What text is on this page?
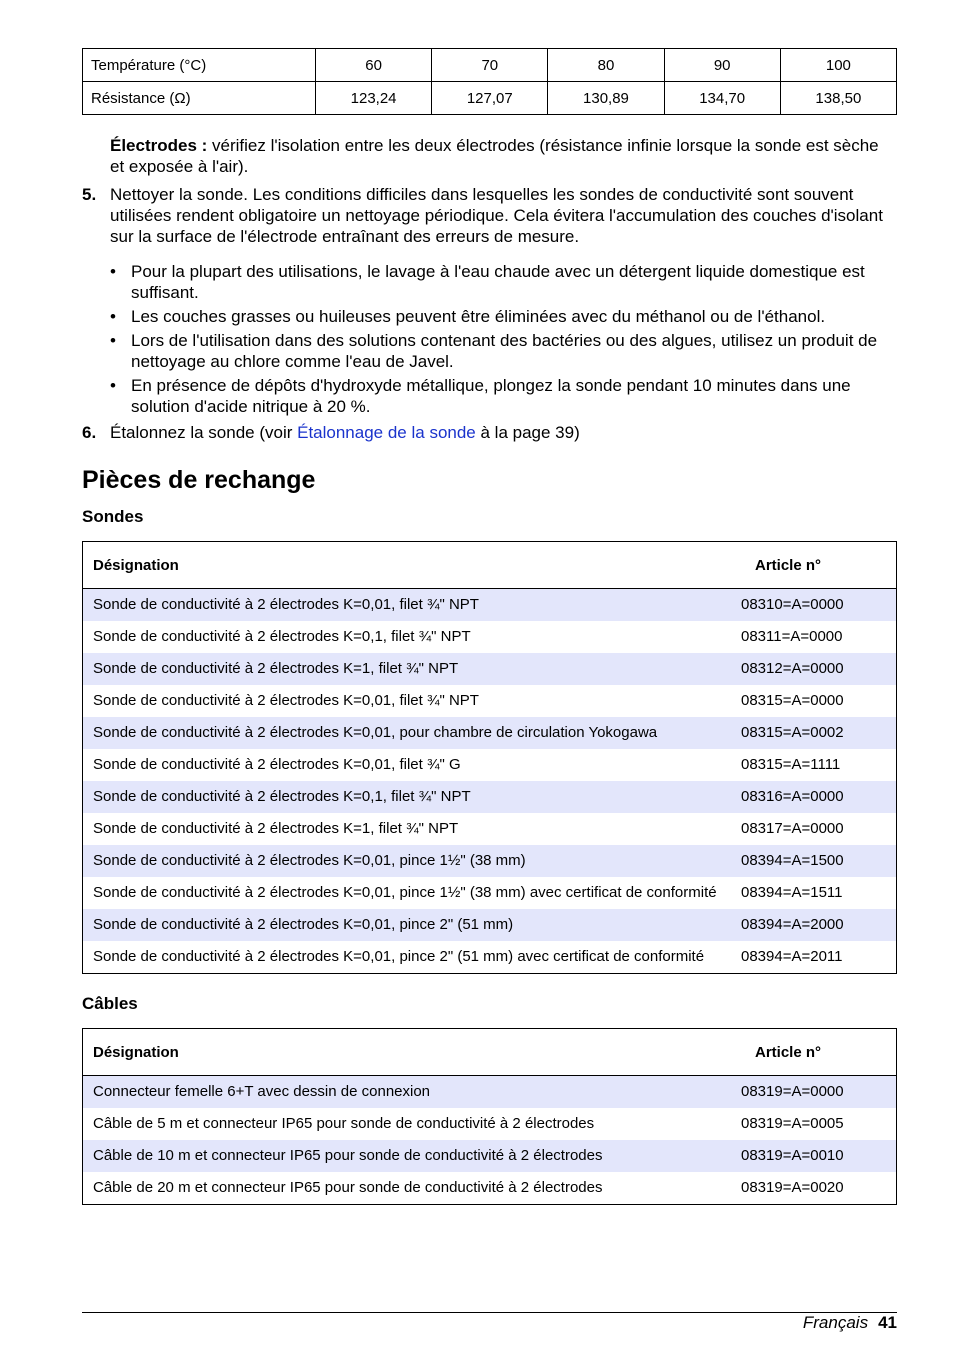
Température (°C)	60	70	80	90	100
Résistance (Ω)	123,24	127,07	130,89	134,70	138,50
Électrodes : vérifiez l'isolation entre les deux électrodes (résistance infinie lorsque la sonde est sèche et exposée à l'air).
5. Nettoyer la sonde. Les conditions difficiles dans lesquelles les sondes de conductivité sont souvent utilisées rendent obligatoire un nettoyage périodique. Cela évitera l'accumulation des couches d'isolant sur la surface de l'électrode entraînant des erreurs de mesure.
• Pour la plupart des utilisations, le lavage à l'eau chaude avec un détergent liquide domestique est suffisant.
• Les couches grasses ou huileuses peuvent être éliminées avec du méthanol ou de l'éthanol.
• Lors de l'utilisation dans des solutions contenant des bactéries ou des algues, utilisez un produit de nettoyage au chlore comme l'eau de Javel.
• En présence de dépôts d'hydroxyde métallique, plongez la sonde pendant 10 minutes dans une solution d'acide nitrique à 20 %.
6. Étalonnez la sonde (voir Étalonnage de la sonde à la page 39)
Pièces de rechange
Sondes
Désignation	Article n°
Sonde de conductivité à 2 électrodes K=0,01, filet ¾" NPT	08310=A=0000
Sonde de conductivité à 2 électrodes K=0,1, filet ¾" NPT	08311=A=0000
Sonde de conductivité à 2 électrodes K=1, filet ¾" NPT	08312=A=0000
Sonde de conductivité à 2 électrodes K=0,01, filet ¾" NPT	08315=A=0000
Sonde de conductivité à 2 électrodes K=0,01, pour chambre de circulation Yokogawa	08315=A=0002
Sonde de conductivité à 2 électrodes K=0,01, filet ¾" G	08315=A=1111
Sonde de conductivité à 2 électrodes K=0,1, filet ¾" NPT	08316=A=0000
Sonde de conductivité à 2 électrodes K=1, filet ¾" NPT	08317=A=0000
Sonde de conductivité à 2 électrodes K=0,01, pince 1½" (38 mm)	08394=A=1500
Sonde de conductivité à 2 électrodes K=0,01, pince 1½" (38 mm) avec certificat de conformité	08394=A=1511
Sonde de conductivité à 2 électrodes K=0,01, pince 2" (51 mm)	08394=A=2000
Sonde de conductivité à 2 électrodes K=0,01, pince 2" (51 mm) avec certificat de conformité	08394=A=2011
Câbles
Désignation	Article n°
Connecteur femelle 6+T avec dessin de connexion	08319=A=0000
Câble de 5 m et connecteur IP65 pour sonde de conductivité à 2 électrodes	08319=A=0005
Câble de 10 m et connecteur IP65 pour sonde de conductivité à 2 électrodes	08319=A=0010
Câble de 20 m et connecteur IP65 pour sonde de conductivité à 2 électrodes	08319=A=0020
Français 41
